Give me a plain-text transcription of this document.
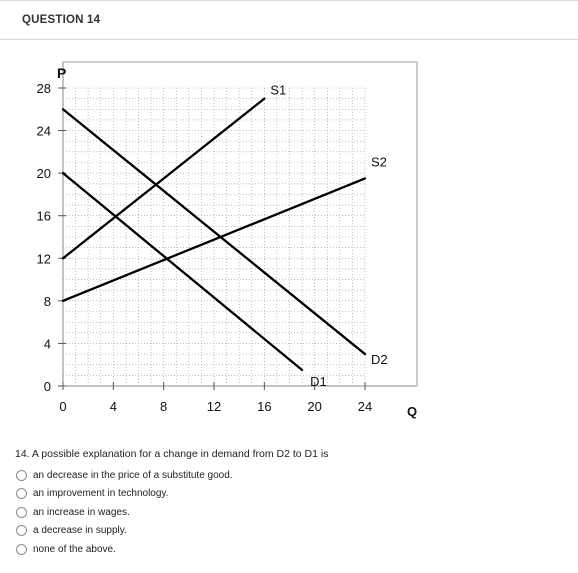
QUESTION 14
0	4	8	12	16	20	24
0
4
8
12
16
20
24
28
P
Q
S1
S2
D1
D2
14. A possible explanation for a change in demand from D2 to D1 is
an decrease in the price of a substitute good.
an improvement in technology.
an increase in wages.
a decrease in supply.
none of the above.
